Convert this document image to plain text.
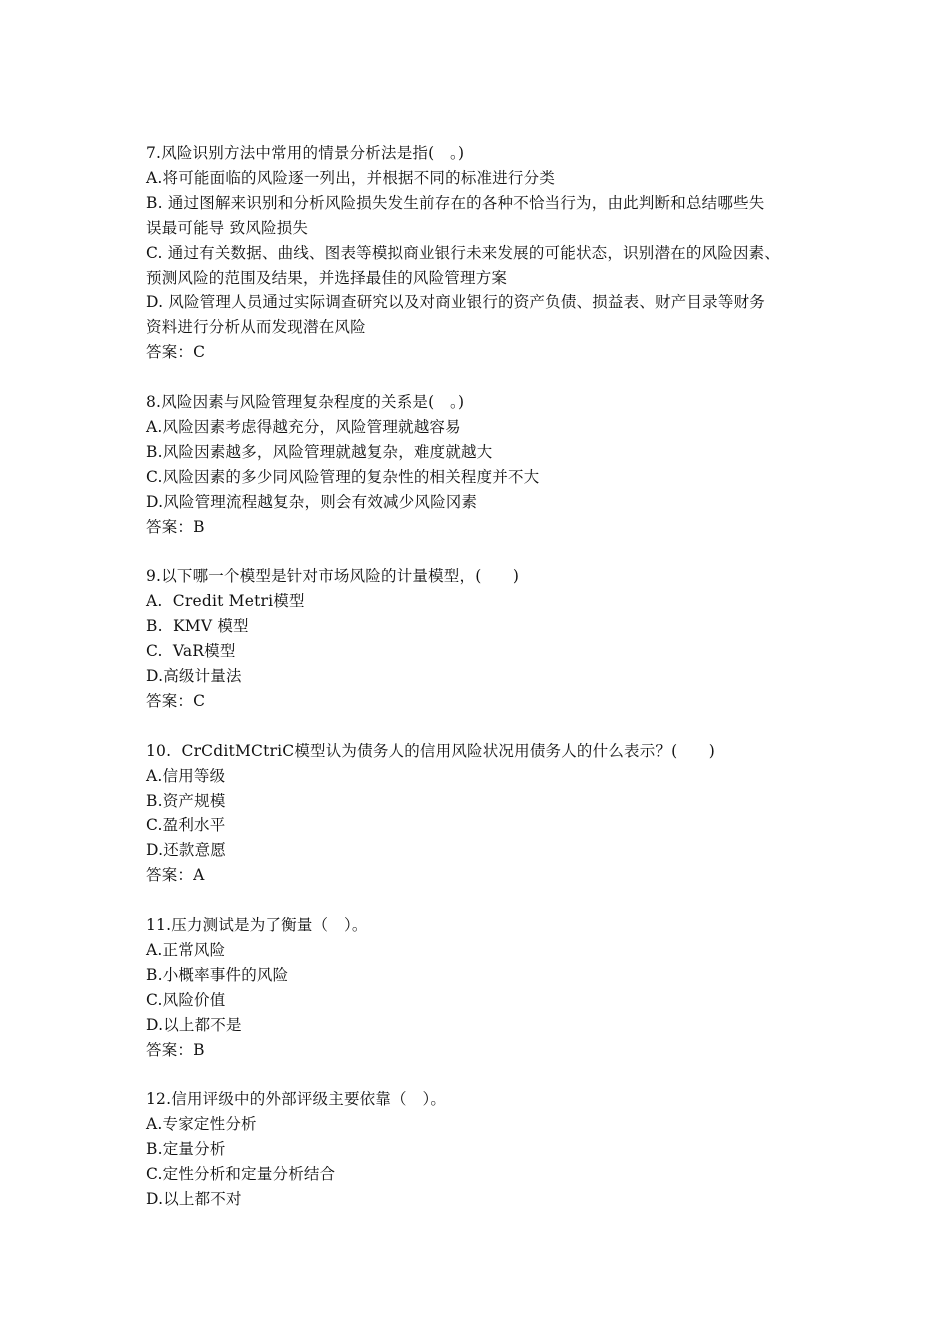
7.风险识别方法中常用的情景分析法是指(　。)
A.将可能面临的风险逐一列出，并根据不同的标准进行分类
B. 通过图解来识别和分析风险损失发生前存在的各种不恰当行为，由此判断和总结哪些失
误最可能导 致风险损失
C. 通过有关数据、曲线、图表等模拟商业银行未来发展的可能状态，识别潜在的风险因素、
预测风险的范围及结果，并选择最佳的风险管理方案
D. 风险管理人员通过实际调查研究以及对商业银行的资产负债、损益表、财产目录等财务
资料进行分析从而发现潜在风险
答案：C
8.风险因素与风险管理复杂程度的关系是(　。)
A.风险因素考虑得越充分，风险管理就越容易
B.风险因素越多，风险管理就越复杂，难度就越大
C.风险因素的多少同风险管理的复杂性的相关程度并不大
D.风险管理流程越复杂，则会有效减少风险冈素
答案：B
9.以下哪一个模型是针对市场风险的计量模型，(　　)
A.  Credit Metri模型
B.  KMV 模型
C.  VaR模型
D.高级计量法
答案：C
10.  CrCditMCtriC模型认为债务人的信用风险状况用债务人的什么表示？(　　)
A.信用等级
B.资产规模
C.盈利水平
D.还款意愿
答案：A
11.压力测试是为了衡量（　）。
A.正常风险
B.小概率事件的风险
C.风险价值
D.以上都不是
答案：B
12.信用评级中的外部评级主要依靠（　）。
A.专家定性分析
B.定量分析
C.定性分析和定量分析结合
D.以上都不对
